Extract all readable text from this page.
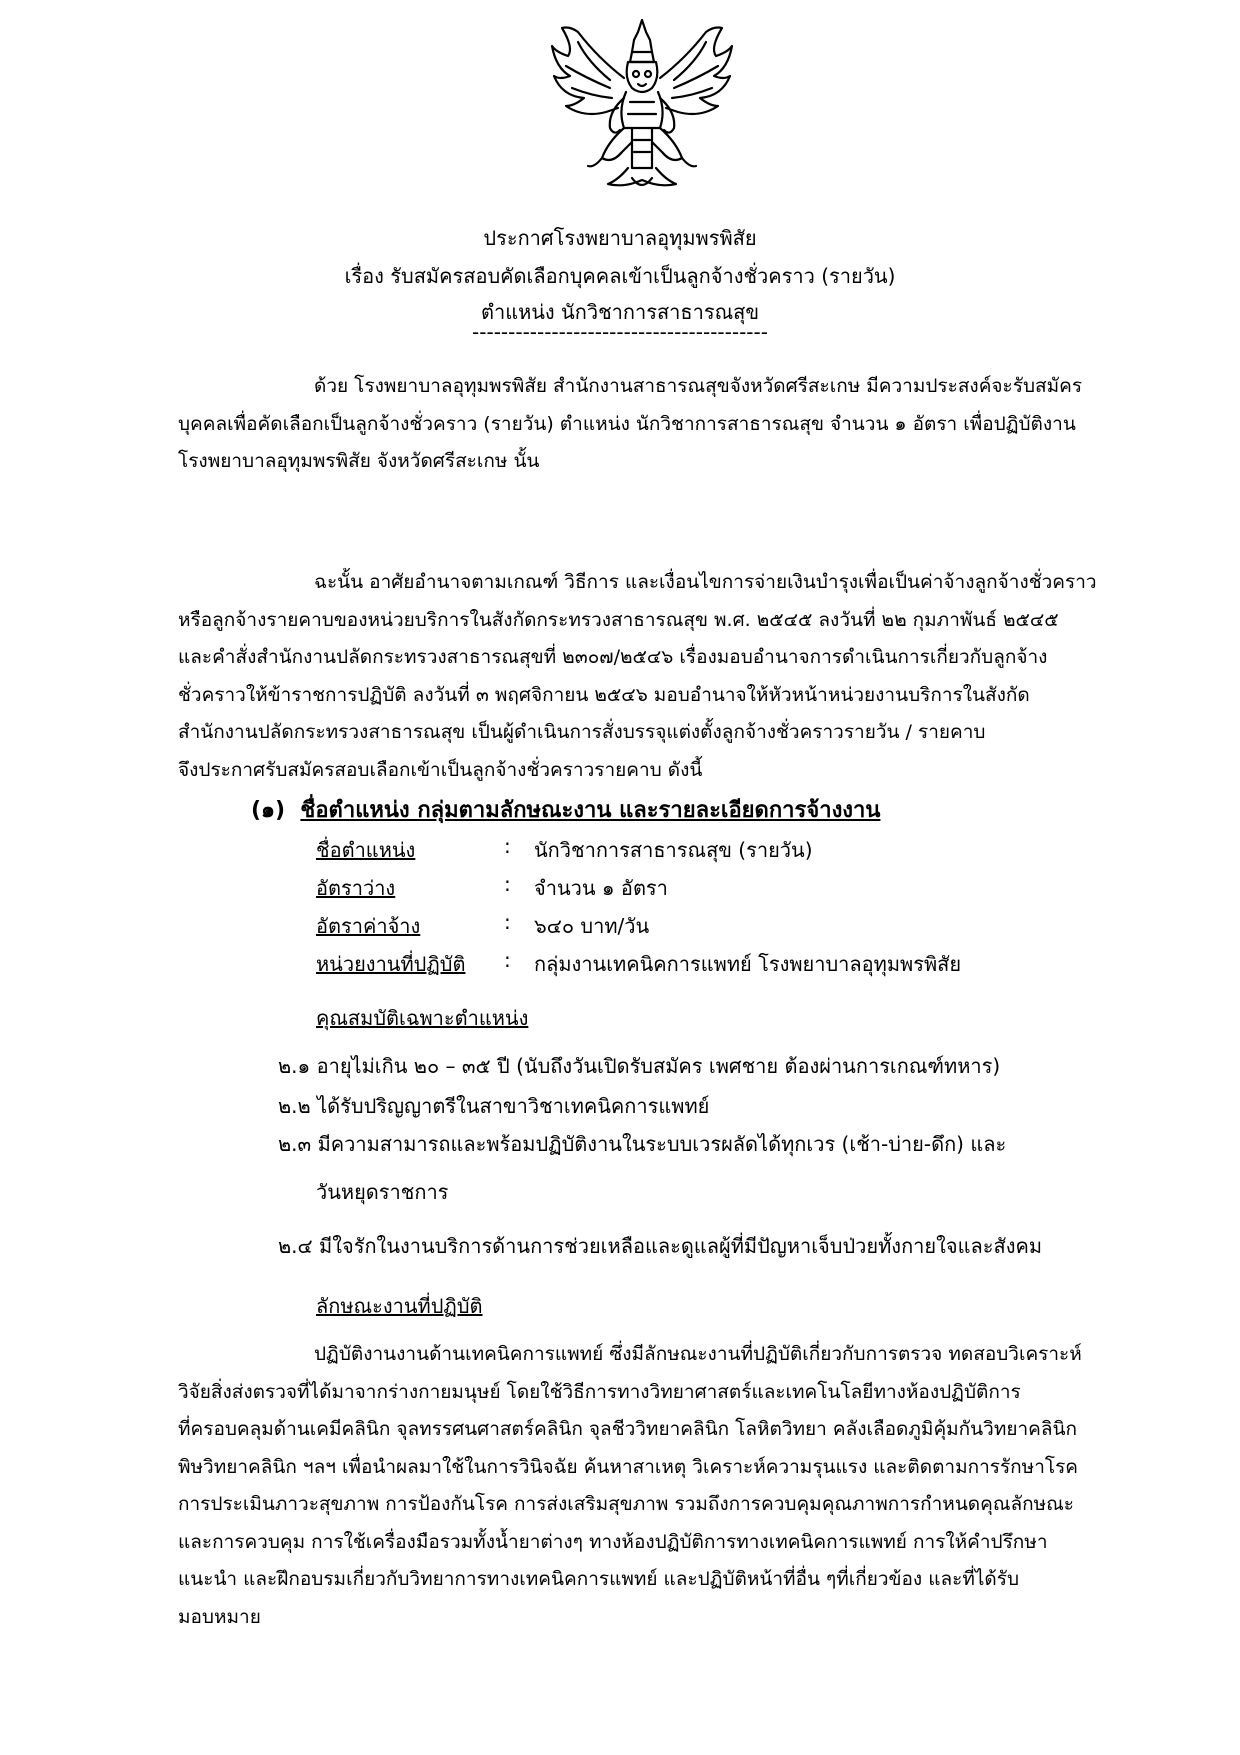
ประกาศโรงพยาบาลอุทุมพรพิสัย
เรื่อง รับสมัครสอบคัดเลือกบุคคลเข้าเป็นลูกจ้างชั่วคราว (รายวัน)
ตำแหน่ง นักวิชาการสาธารณสุข
-----------------------------------------

ด้วย โรงพยาบาลอุทุมพรพิสัย สำนักงานสาธารณสุขจังหวัดศรีสะเกษ มีความประสงค์จะรับสมัคร

บุคคลเพื่อคัดเลือกเป็นลูกจ้างชั่วคราว (รายวัน) ตำแหน่ง นักวิชาการสาธารณสุข จำนวน ๑ อัตรา เพื่อปฏิบัติงาน

โรงพยาบาลอุทุมพรพิสัย จังหวัดศรีสะเกษ นั้น

ฉะนั้น อาศัยอำนาจตามเกณฑ์ วิธีการ และเงื่อนไขการจ่ายเงินบำรุงเพื่อเป็นค่าจ้างลูกจ้างชั่วคราว

หรือลูกจ้างรายคาบของหน่วยบริการในสังกัดกระทรวงสาธารณสุข พ.ศ. ๒๕๔๕ ลงวันที่ ๒๒ กุมภาพันธ์ ๒๕๔๕

และคำสั่งสำนักงานปลัดกระทรวงสาธารณสุขที่ ๒๓๐๗/๒๕๔๖ เรื่องมอบอำนาจการดำเนินการเกี่ยวกับลูกจ้าง

ชั่วคราวให้ข้าราชการปฏิบัติ ลงวันที่ ๓ พฤศจิกายน ๒๕๔๖ มอบอำนาจให้หัวหน้าหน่วยงานบริการในสังกัด

สำนักงานปลัดกระทรวงสาธารณสุข เป็นผู้ดำเนินการสั่งบรรจุแต่งตั้งลูกจ้างชั่วคราวรายวัน / รายคาบ

จึงประกาศรับสมัครสอบเลือกเข้าเป็นลูกจ้างชั่วคราวรายคาบ ดังนี้

(๑) ชื่อตำแหน่ง กลุ่มตามลักษณะงาน และรายละเอียดการจ้างงาน
ชื่อตำแหน่ง	: นักวิชาการสาธารณสุข (รายวัน)
อัตราว่าง	: จำนวน ๑ อัตรา
อัตราค่าจ้าง	: ๖๔๐ บาท/วัน
หน่วยงานที่ปฏิบัติ : กลุ่มงานเทคนิคการแพทย์ โรงพยาบาลอุทุมพรพิสัย
คุณสมบัติเฉพาะตำแหน่ง
๒.๑ อายุไม่เกิน ๒๐ – ๓๕ ปี (นับถึงวันเปิดรับสมัคร เพศชาย ต้องผ่านการเกณฑ์ทหาร)
๒.๒ ได้รับปริญญาตรีในสาขาวิชาเทคนิคการแพทย์
๒.๓ มีความสามารถและพร้อมปฏิบัติงานในระบบเวรผลัดได้ทุกเวร (เช้า-บ่าย-ดึก) และ
วันหยุดราชการ
๒.๔ มีใจรักในงานบริการด้านการช่วยเหลือและดูแลผู้ที่มีปัญหาเจ็บป่วยทั้งกายใจและสังคม
ลักษณะงานที่ปฏิบัติ

ปฏิบัติงานงานด้านเทคนิคการแพทย์ ซึ่งมีลักษณะงานที่ปฏิบัติเกี่ยวกับการตรวจ ทดสอบวิเคราะห์

วิจัยสิ่งส่งตรวจที่ได้มาจากร่างกายมนุษย์ โดยใช้วิธีการทางวิทยาศาสตร์และเทคโนโลยีทางห้องปฏิบัติการ

ที่ครอบคลุมด้านเคมีคลินิก จุลทรรศนศาสตร์คลินิก จุลชีววิทยาคลินิก โลหิตวิทยา คลังเลือดภูมิคุ้มกันวิทยาคลินิก

พิษวิทยาคลินิก ฯลฯ เพื่อนำผลมาใช้ในการวินิจฉัย ค้นหาสาเหตุ วิเคราะห์ความรุนแรง และติดตามการรักษาโรค

การประเมินภาวะสุขภาพ การป้องกันโรค การส่งเสริมสุขภาพ รวมถึงการควบคุมคุณภาพการกำหนดคุณลักษณะ

และการควบคุม การใช้เครื่องมือรวมทั้งน้ำยาต่างๆ ทางห้องปฏิบัติการทางเทคนิคการแพทย์ การให้คำปรึกษา

แนะนำ และฝึกอบรมเกี่ยวกับวิทยาการทางเทคนิคการแพทย์ และปฏิบัติหน้าที่อื่น ๆที่เกี่ยวข้อง และที่ได้รับ

มอบหมาย
